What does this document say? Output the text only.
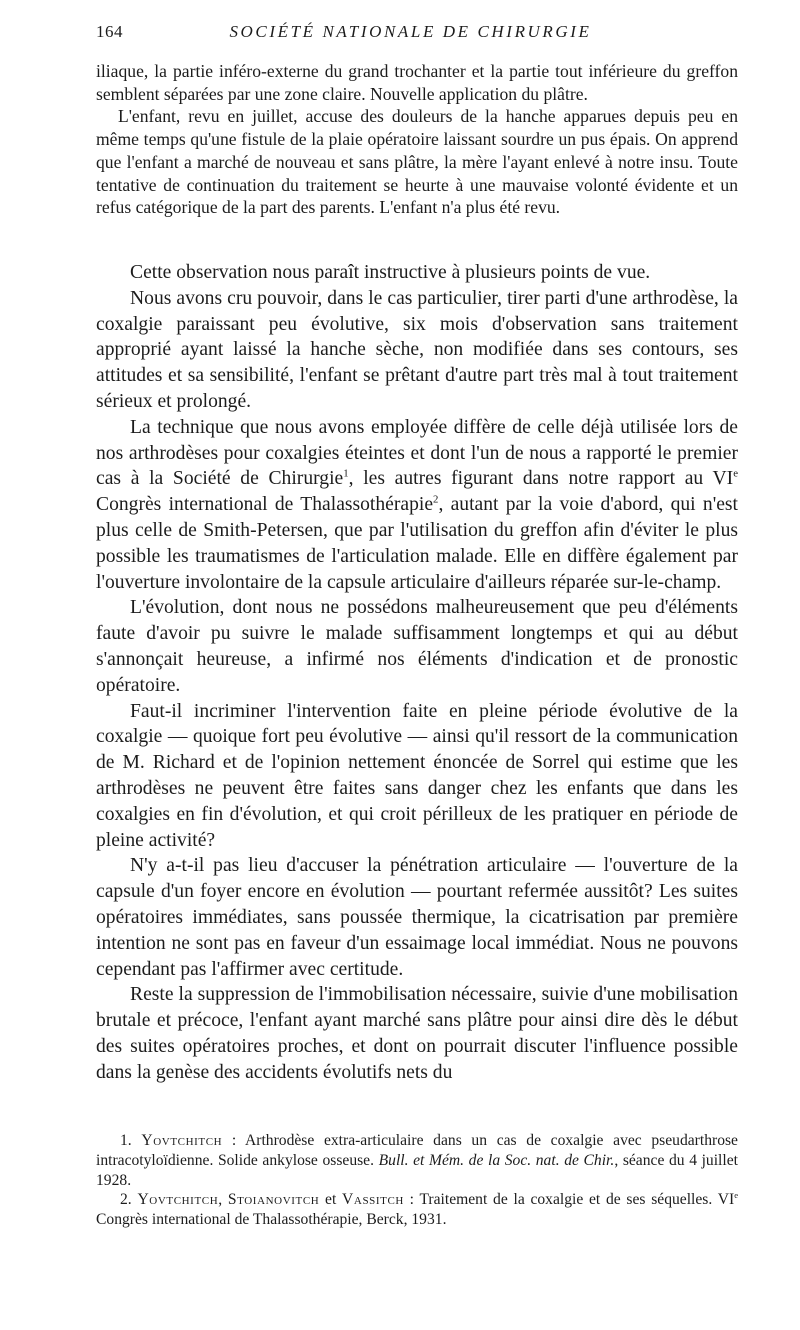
164	SOCIÉTÉ NATIONALE DE CHIRURGIE

iliaque, la partie inféro-externe du grand trochanter et la partie tout inférieure du greffon semblent séparées par une zone claire. Nouvelle application du plâtre.

L'enfant, revu en juillet, accuse des douleurs de la hanche apparues depuis peu en même temps qu'une fistule de la plaie opératoire laissant sourdre un pus épais. On apprend que l'enfant a marché de nouveau et sans plâtre, la mère l'ayant enlevé à notre insu. Toute tentative de continuation du traitement se heurte à une mauvaise volonté évidente et un refus catégorique de la part des parents. L'enfant n'a plus été revu.

Cette observation nous paraît instructive à plusieurs points de vue.

Nous avons cru pouvoir, dans le cas particulier, tirer parti d'une arthrodèse, la coxalgie paraissant peu évolutive, six mois d'observation sans traitement approprié ayant laissé la hanche sèche, non modifiée dans ses contours, ses attitudes et sa sensibilité, l'enfant se prêtant d'autre part très mal à tout traitement sérieux et prolongé.

La technique que nous avons employée diffère de celle déjà utilisée lors de nos arthrodèses pour coxalgies éteintes et dont l'un de nous a rapporté le premier cas à la Société de Chirurgie$^1$, les autres figurant dans notre rapport au VIe Congrès international de Thalassothérapie$^2$, autant par la voie d'abord, qui n'est plus celle de Smith-Petersen, que par l'utilisation du greffon afin d'éviter le plus possible les traumatismes de l'articulation malade. Elle en diffère également par l'ouverture involontaire de la capsule articulaire d'ailleurs réparée sur-le-champ.

L'évolution, dont nous ne possédons malheureusement que peu d'éléments faute d'avoir pu suivre le malade suffisamment longtemps et qui au début s'annonçait heureuse, a infirmé nos éléments d'indication et de pronostic opératoire.

Faut-il incriminer l'intervention faite en pleine période évolutive de la coxalgie — quoique fort peu évolutive — ainsi qu'il ressort de la communication de M. Richard et de l'opinion nettement énoncée de Sorrel qui estime que les arthrodèses ne peuvent être faites sans danger chez les enfants que dans les coxalgies en fin d'évolution, et qui croit périlleux de les pratiquer en période de pleine activité?

N'y a-t-il pas lieu d'accuser la pénétration articulaire — l'ouverture de la capsule d'un foyer encore en évolution — pourtant refermée aussitôt? Les suites opératoires immédiates, sans poussée thermique, la cicatrisation par première intention ne sont pas en faveur d'un essaimage local immédiat. Nous ne pouvons cependant pas l'affirmer avec certitude.

Reste la suppression de l'immobilisation nécessaire, suivie d'une mobilisation brutale et précoce, l'enfant ayant marché sans plâtre pour ainsi dire dès le début des suites opératoires proches, et dont on pourrait discuter l'influence possible dans la genèse des accidents évolutifs nets du

1. Yovtchitch : Arthrodèse extra-articulaire dans un cas de coxalgie avec pseudarthrose intracotyloïdienne. Solide ankylose osseuse. Bull. et Mém. de la Soc. nat. de Chir., séance du 4 juillet 1928.

2. Yovtchitch, Stoianovitch et Vassitch : Traitement de la coxalgie et de ses séquelles. VIe Congrès international de Thalassothérapie, Berck, 1931.
